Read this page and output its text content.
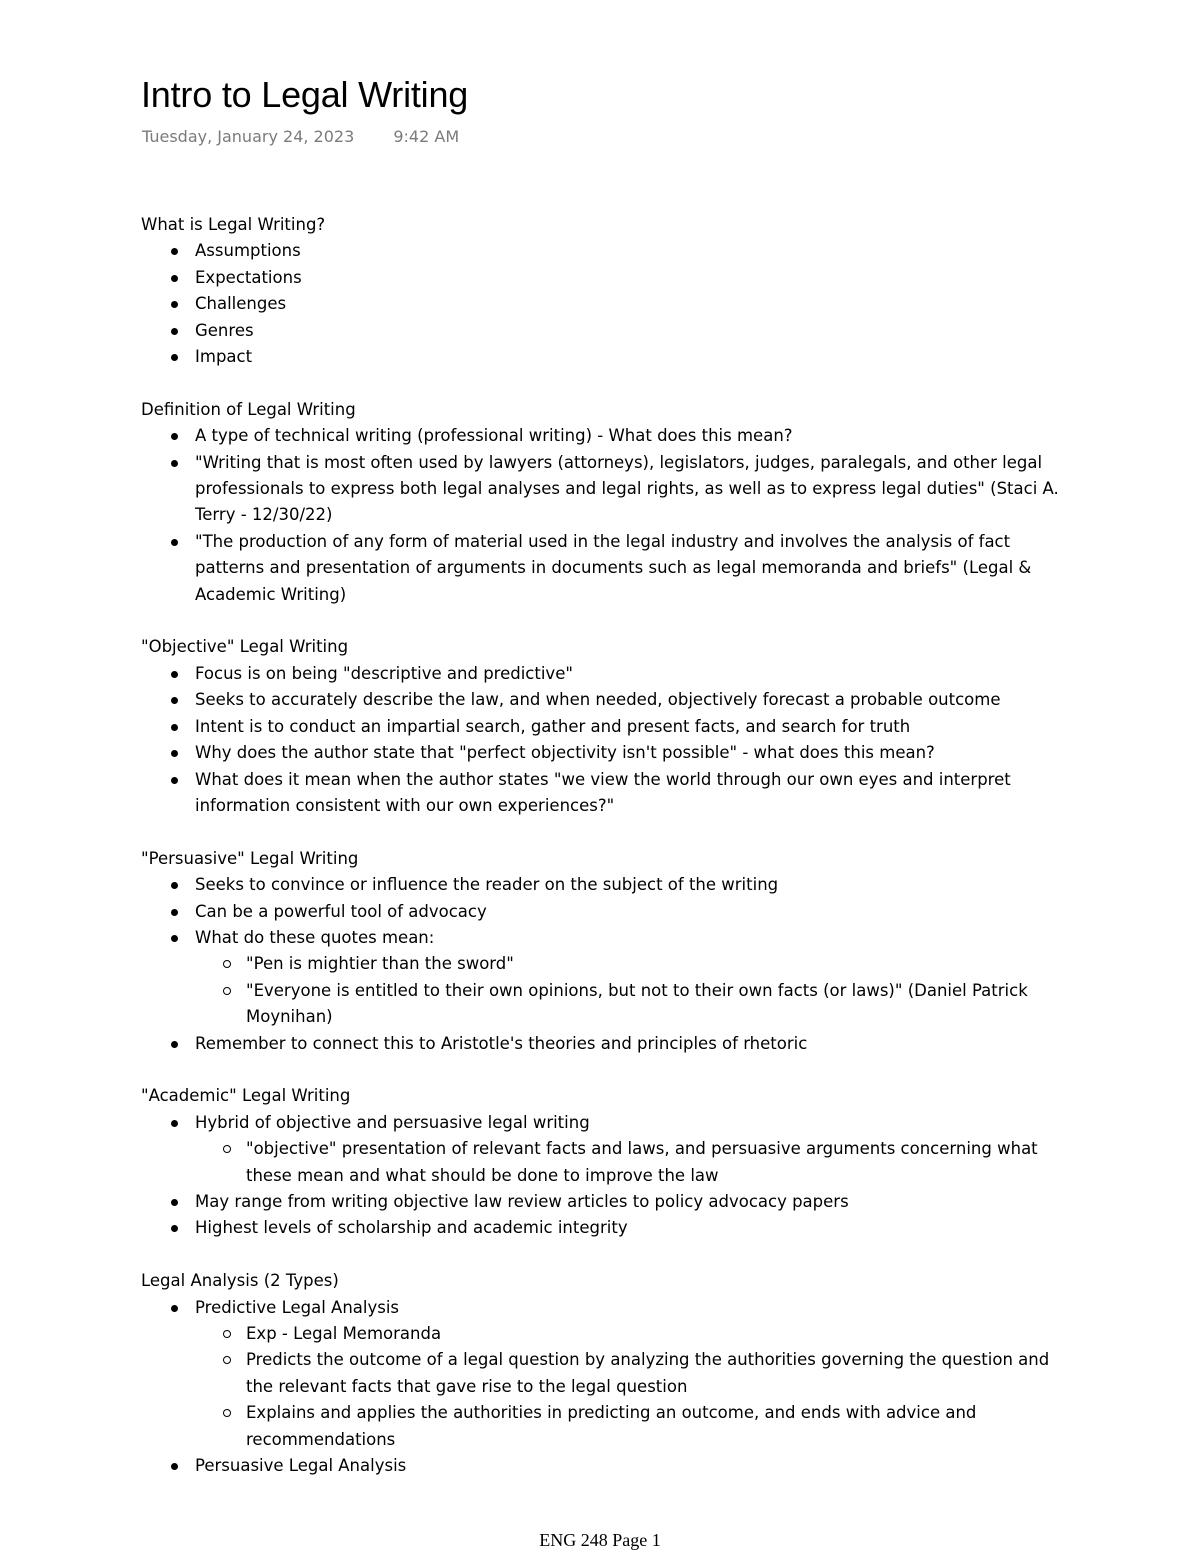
Intro to Legal Writing
Tuesday, January 24, 2023 9:42 AM

What is Legal Writing?

Assumptions
Expectations
Challenges
Genres
Impact

Definition of Legal Writing

A type of technical writing (professional writing) - What does this mean?
"Writing that is most often used by lawyers (attorneys), legislators, judges, paralegals, and other legal professionals to express both legal analyses and legal rights, as well as to express legal duties" (Staci A. Terry - 12/30/22)
"The production of any form of material used in the legal industry and involves the analysis of fact patterns and presentation of arguments in documents such as legal memoranda and briefs" (Legal & Academic Writing)

"Objective" Legal Writing

Focus is on being "descriptive and predictive"
Seeks to accurately describe the law, and when needed, objectively forecast a probable outcome
Intent is to conduct an impartial search, gather and present facts, and search for truth
Why does the author state that "perfect objectivity isn't possible" - what does this mean?
What does it mean when the author states "we view the world through our own eyes and interpret information consistent with our own experiences?"

"Persuasive" Legal Writing

Seeks to convince or influence the reader on the subject of the writing
Can be a powerful tool of advocacy
What do these quotes mean:
"Pen is mightier than the sword"
"Everyone is entitled to their own opinions, but not to their own facts (or laws)" (Daniel Patrick Moynihan)
Remember to connect this to Aristotle's theories and principles of rhetoric

"Academic" Legal Writing

Hybrid of objective and persuasive legal writing
"objective" presentation of relevant facts and laws, and persuasive arguments concerning what these mean and what should be done to improve the law
May range from writing objective law review articles to policy advocacy papers
Highest levels of scholarship and academic integrity

Legal Analysis (2 Types)

Predictive Legal Analysis
Exp - Legal Memoranda
Predicts the outcome of a legal question by analyzing the authorities governing the question and the relevant facts that gave rise to the legal question
Explains and applies the authorities in predicting an outcome, and ends with advice and recommendations
Persuasive Legal Analysis
ENG 248 Page 1
